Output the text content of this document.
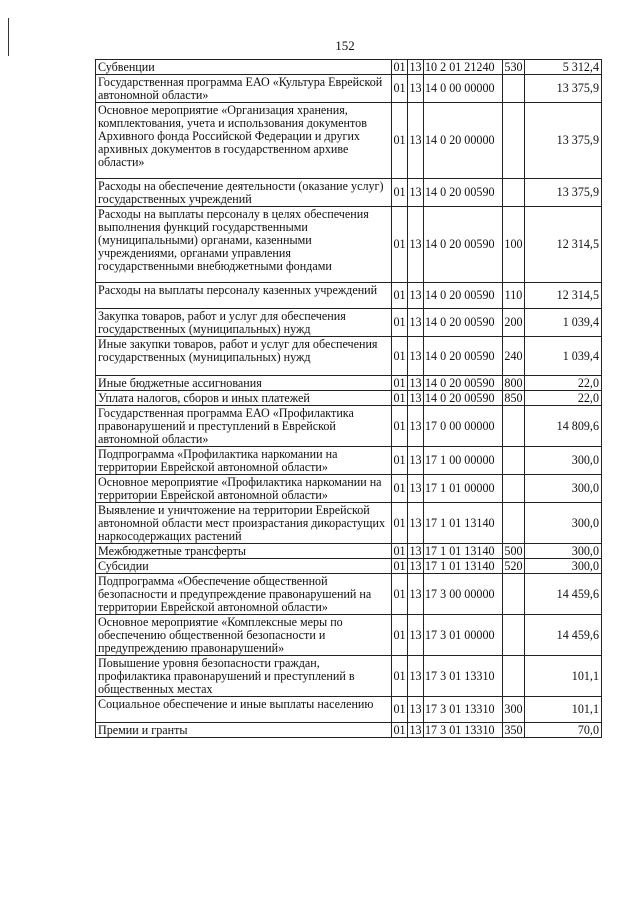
152
Субвенции	01	13	10 2 01 21240	530	5 312,4
Государственная программа ЕАО «Культура Еврейской автономной области»	01	13	14 0 00 00000		13 375,9
Основное мероприятие «Организация хранения, комплектования, учета и использования документов Архивного фонда Российской Федерации и других архивных документов в государственном архиве области»	01	13	14 0 20 00000		13 375,9
Расходы на обеспечение деятельности (оказание услуг) государственных учреждений	01	13	14 0 20 00590		13 375,9
Расходы на выплаты персоналу в целях обеспечения выполнения функций государственными (муниципальными) органами, казенными учреждениями, органами управления государственными внебюджетными фондами	01	13	14 0 20 00590	100	12 314,5
Расходы на выплаты персоналу казенных учреждений	01	13	14 0 20 00590	110	12 314,5
Закупка товаров, работ и услуг для обеспечения государственных (муниципальных) нужд	01	13	14 0 20 00590	200	1 039,4
Иные закупки товаров, работ и услуг для обеспечения государственных (муниципальных) нужд	01	13	14 0 20 00590	240	1 039,4
Иные бюджетные ассигнования	01	13	14 0 20 00590	800	22,0
Уплата налогов, сборов и иных платежей	01	13	14 0 20 00590	850	22,0
Государственная программа ЕАО «Профилактика правонарушений и преступлений в Еврейской автономной области»	01	13	17 0 00 00000		14 809,6
Подпрограмма «Профилактика наркомании на территории Еврейской автономной области»	01	13	17 1 00 00000		300,0
Основное мероприятие «Профилактика наркомании на территории Еврейской автономной области»	01	13	17 1 01 00000		300,0
Выявление и уничтожение на территории Еврейской автономной области мест произрастания дикорастущих наркосодержащих растений	01	13	17 1 01 13140		300,0
Межбюджетные трансферты	01	13	17 1 01 13140	500	300,0
Субсидии	01	13	17 1 01 13140	520	300,0
Подпрограмма «Обеспечение общественной безопасности и предупреждение правонарушений на территории Еврейской автономной области»	01	13	17 3 00 00000		14 459,6
Основное мероприятие «Комплексные меры по обеспечению общественной безопасности и предупреждению правонарушений»	01	13	17 3 01 00000		14 459,6
Повышение уровня безопасности граждан, профилактика правонарушений и преступлений в общественных местах	01	13	17 3 01 13310		101,1
Социальное обеспечение и иные выплаты населению	01	13	17 3 01 13310	300	101,1
Премии и гранты	01	13	17 3 01 13310	350	70,0
